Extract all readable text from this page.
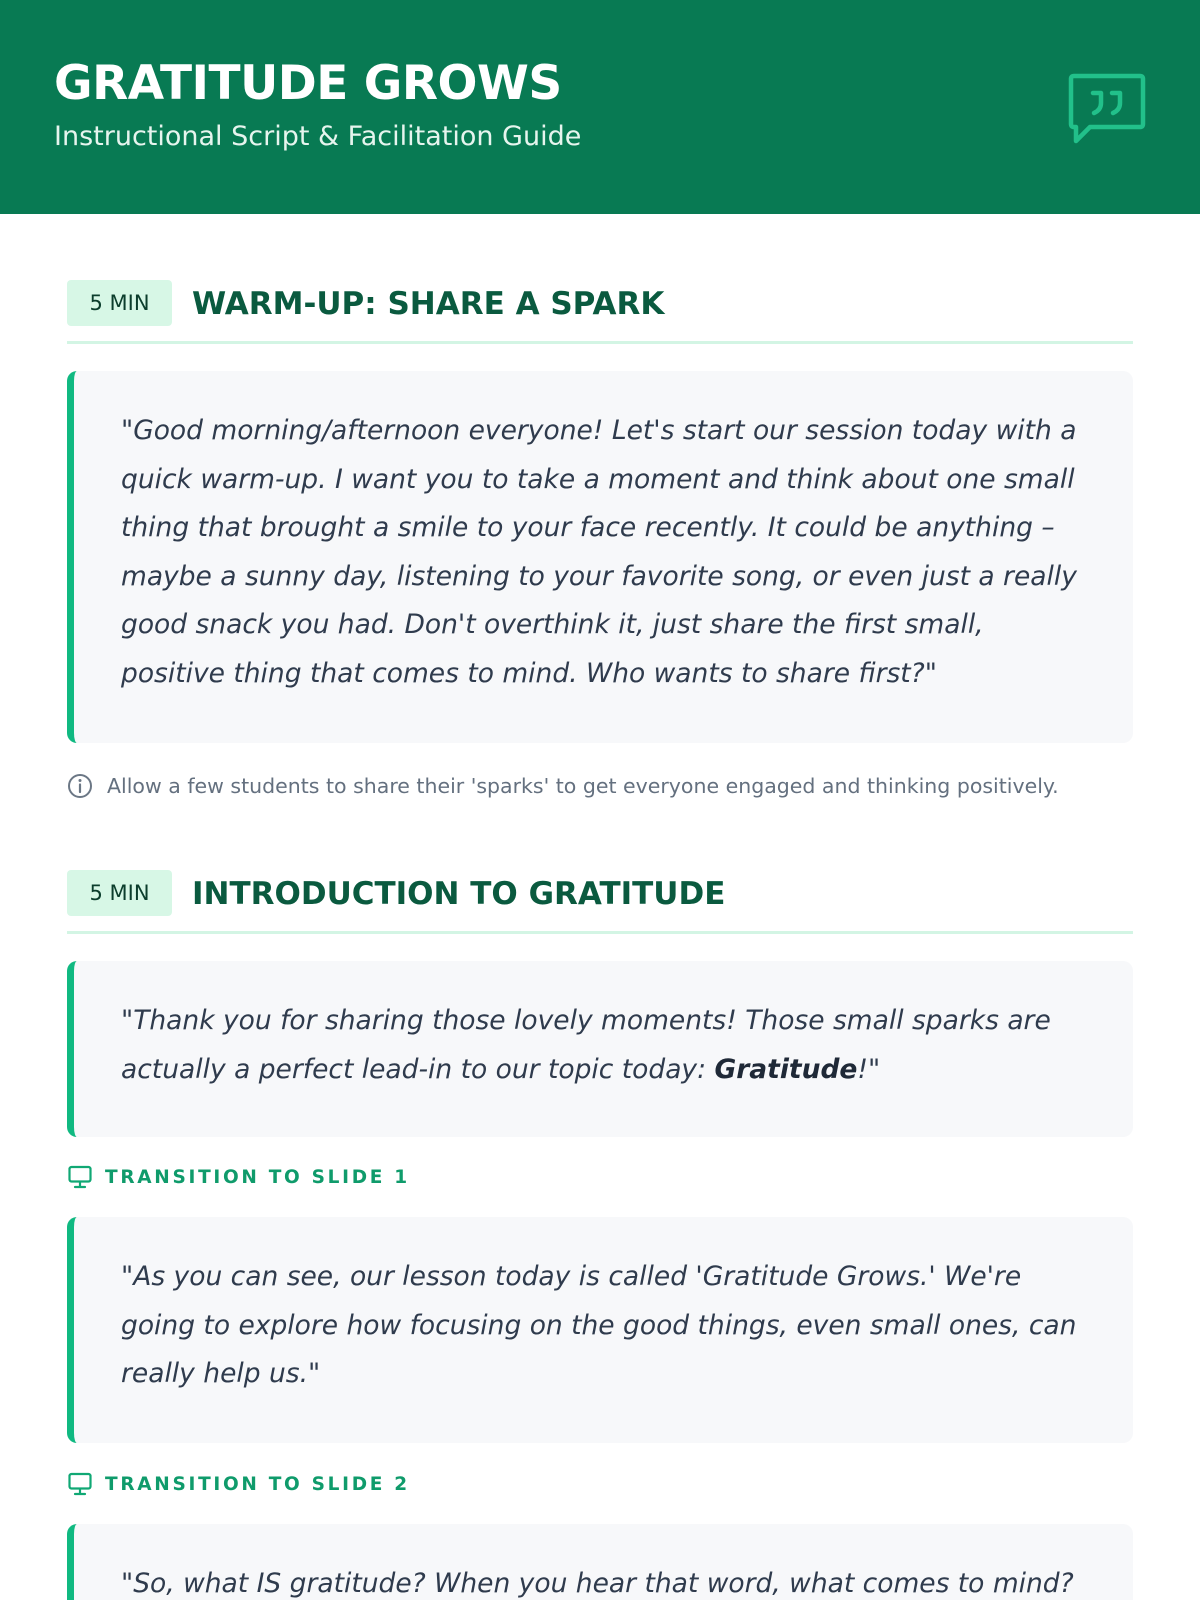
GRATITUDE GROWS
Instructional Script & Facilitation Guide
5 MIN	WARM-UP: SHARE A SPARK
"Good morning/afternoon everyone! Let's start our session today with a quick warm-up. I want you to take a moment and think about one small thing that brought a smile to your face recently. It could be anything – maybe a sunny day, listening to your favorite song, or even just a really good snack you had. Don't overthink it, just share the first small, positive thing that comes to mind. Who wants to share first?"
Allow a few students to share their 'sparks' to get everyone engaged and thinking positively.
5 MIN	INTRODUCTION TO GRATITUDE
"Thank you for sharing those lovely moments! Those small sparks are actually a perfect lead-in to our topic today: Gratitude!"
TRANSITION TO SLIDE 1
"As you can see, our lesson today is called 'Gratitude Grows.' We're going to explore how focusing on the good things, even small ones, can really help us."
TRANSITION TO SLIDE 2
"So, what IS gratitude? When you hear that word, what comes to mind?
